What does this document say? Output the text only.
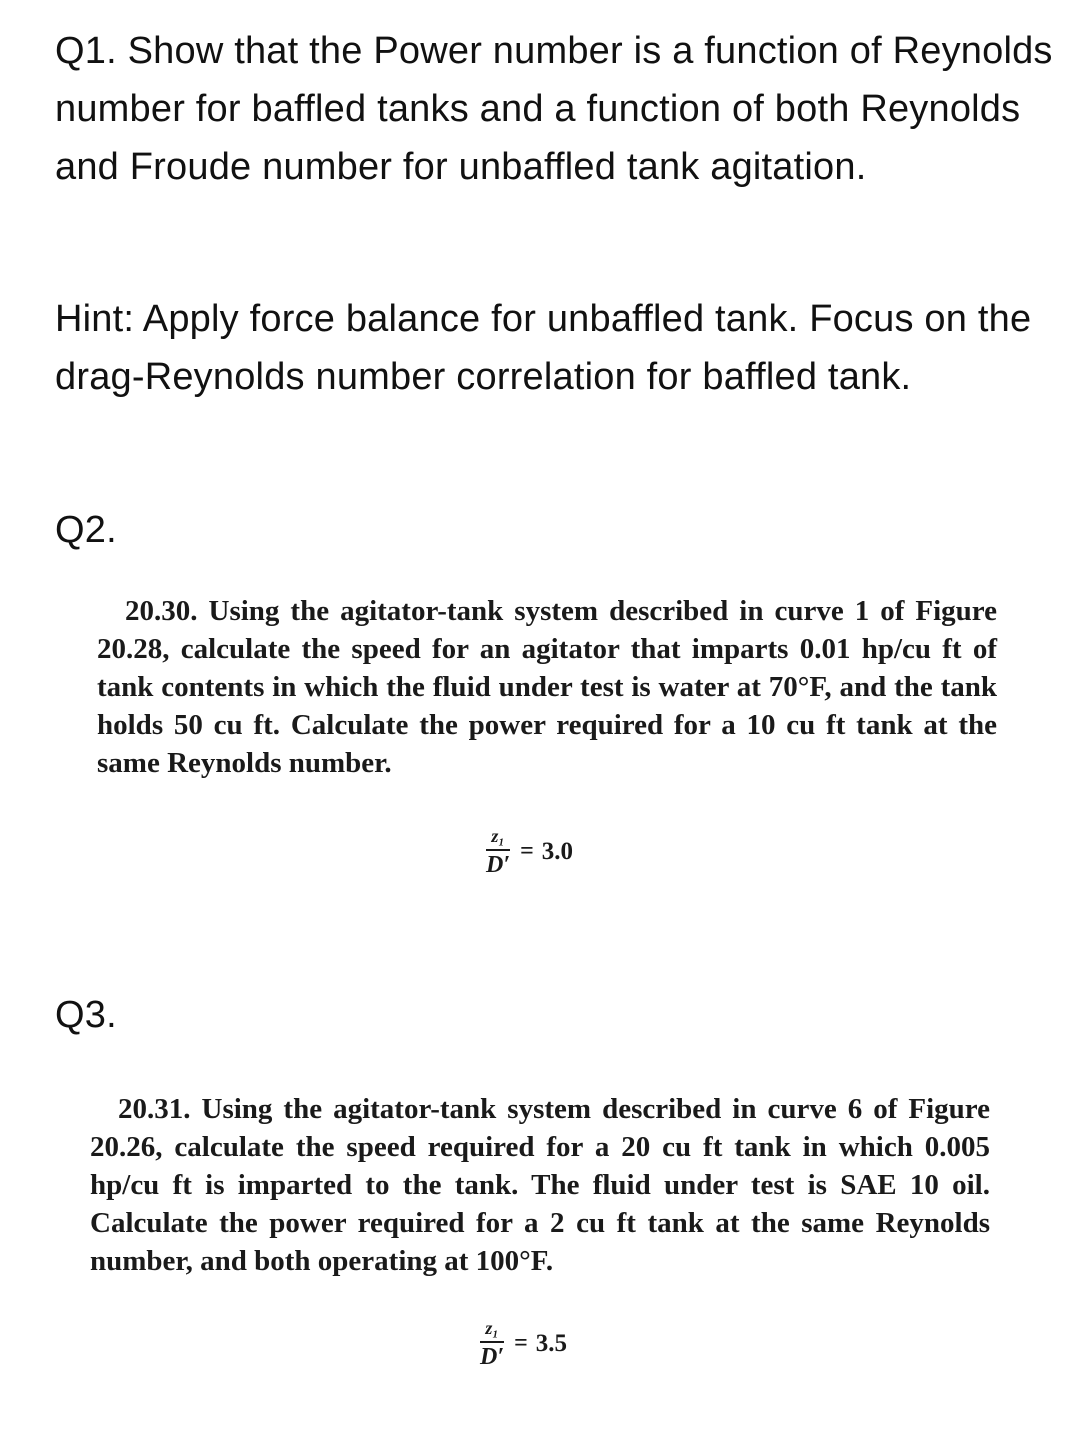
Q1. Show that the Power number is a function of Reynolds number for baffled tanks and a function of both Reynolds and Froude number for unbaffled tank agitation.

Hint: Apply force balance for unbaffled tank. Focus on the drag-Reynolds number correlation for baffled tank.

Q2.

20.30. Using the agitator-tank system described in curve 1 of Figure 20.28, calculate the speed for an agitator that imparts 0.01 hp/cu ft of tank contents in which the fluid under test is water at 70°F, and the tank holds 50 cu ft. Calculate the power required for a 10 cu ft tank at the same Reynolds number.

$\frac{\text{z₁}}{D'} = 3.0$

Q3.

20.31. Using the agitator-tank system described in curve 6 of Figure 20.26, calculate the speed required for a 20 cu ft tank in which 0.005 hp/cu ft is imparted to the tank. The fluid under test is SAE 10 oil. Calculate the power required for a 2 cu ft tank at the same Reynolds number, and both operating at 100°F.

$\frac{\text{z₁}}{D'} = 3.5$
